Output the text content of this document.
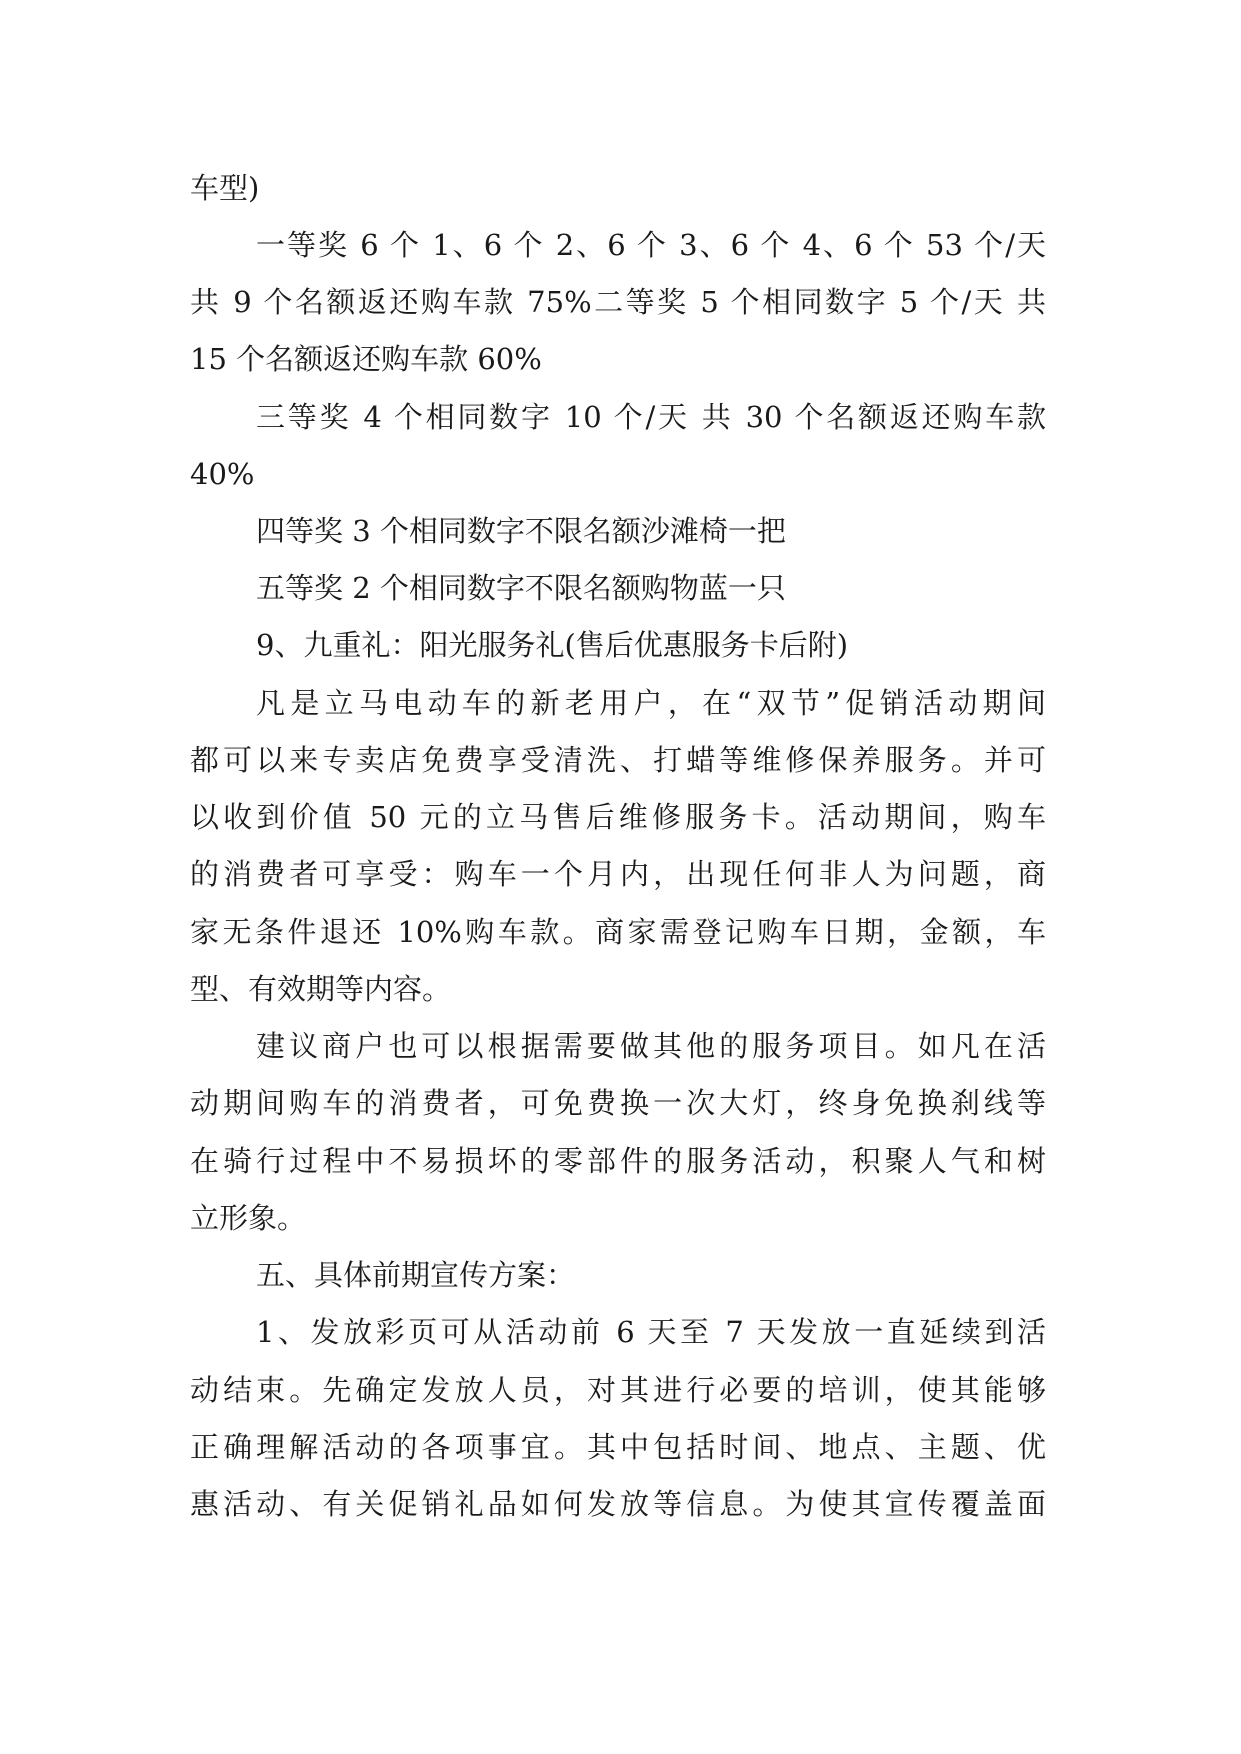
车型)
一等奖 6 个 1、6 个 2、6 个 3、6 个 4、6 个 53 个/天
共 9 个名额返还购车款 75%二等奖 5 个相同数字 5 个/天 共
15 个名额返还购车款 60%
三等奖 4 个相同数字 10 个/天 共 30 个名额返还购车款
40%
四等奖 3 个相同数字不限名额沙滩椅一把
五等奖 2 个相同数字不限名额购物蓝一只
9、九重礼：阳光服务礼(售后优惠服务卡后附)
凡是立马电动车的新老用户，在“双节”促销活动期间
都可以来专卖店免费享受清洗、打蜡等维修保养服务。并可
以收到价值 50 元的立马售后维修服务卡。活动期间，购车
的消费者可享受：购车一个月内，出现任何非人为问题，商
家无条件退还 10%购车款。商家需登记购车日期，金额，车
型、有效期等内容。
建议商户也可以根据需要做其他的服务项目。如凡在活
动期间购车的消费者，可免费换一次大灯，终身免换刹线等
在骑行过程中不易损坏的零部件的服务活动，积聚人气和树
立形象。
五、具体前期宣传方案：
1、发放彩页可从活动前 6 天至 7 天发放一直延续到活
动结束。先确定发放人员，对其进行必要的培训，使其能够
正确理解活动的各项事宜。其中包括时间、地点、主题、优
惠活动、有关促销礼品如何发放等信息。为使其宣传覆盖面
